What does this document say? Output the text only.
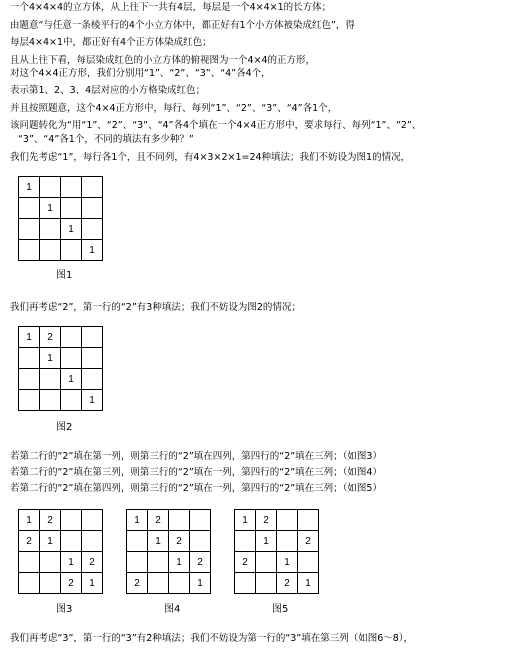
一个4×4×4的立方体，从上往下一共有4层，每层是一个4×4×1的长方体；
由题意“与任意一条棱平行的4个小立方体中，都正好有1个小方体被染成红色”，得
每层4×4×1中，都正好有4个正方体染成红色；
且从上往下看，每层染成红色的小立方体的俯视图为一个4×4的正方形，
对这个4×4正方形，我们分别用“1”、“2”、“3”、“4”各4个，
表示第1、2、3、4层对应的小方格染成红色；
并且按照题意，这个4×4正方形中，每行、每列“1”、“2”、“3”、“4”各1个，
该问题转化为“用“1”、“2”、“3”、“4”各4个填在一个4×4正方形中，要求每行、每列“1”、“2”、
“3”、“4”各1个，不同的填法有多少种？”
我们先考虑“1”，每行各1个，且不同列，有4×3×2×1=24种填法；我们不妨设为图1的情况，
1			
	1		
		1	
			1
图1
我们再考虑“2”，第一行的“2”有3种填法；我们不妨设为图2的情况；
1	2		
	1		
		1	
			1
图2
若第二行的“2”填在第一列，则第三行的“2”填在四列，第四行的“2”填在三列；（如图3）
若第二行的“2”填在第三列，则第三行的“2”填在一列，第四行的“2”填在三列；（如图4）
若第二行的“2”填在第四列，则第三行的“2”填在一列，第四行的“2”填在三列；（如图5）
1	2		
2	1		
		1	2
		2	1
图3
1	2		
	1	2	
		1	2
2			1
图4
1	2		
	1		2
2		1	
		2	1
图5
我们再考虑“3”，第一行的“3”有2种填法；我们不妨设为第一行的“3”填在第三列（如图6～8），
